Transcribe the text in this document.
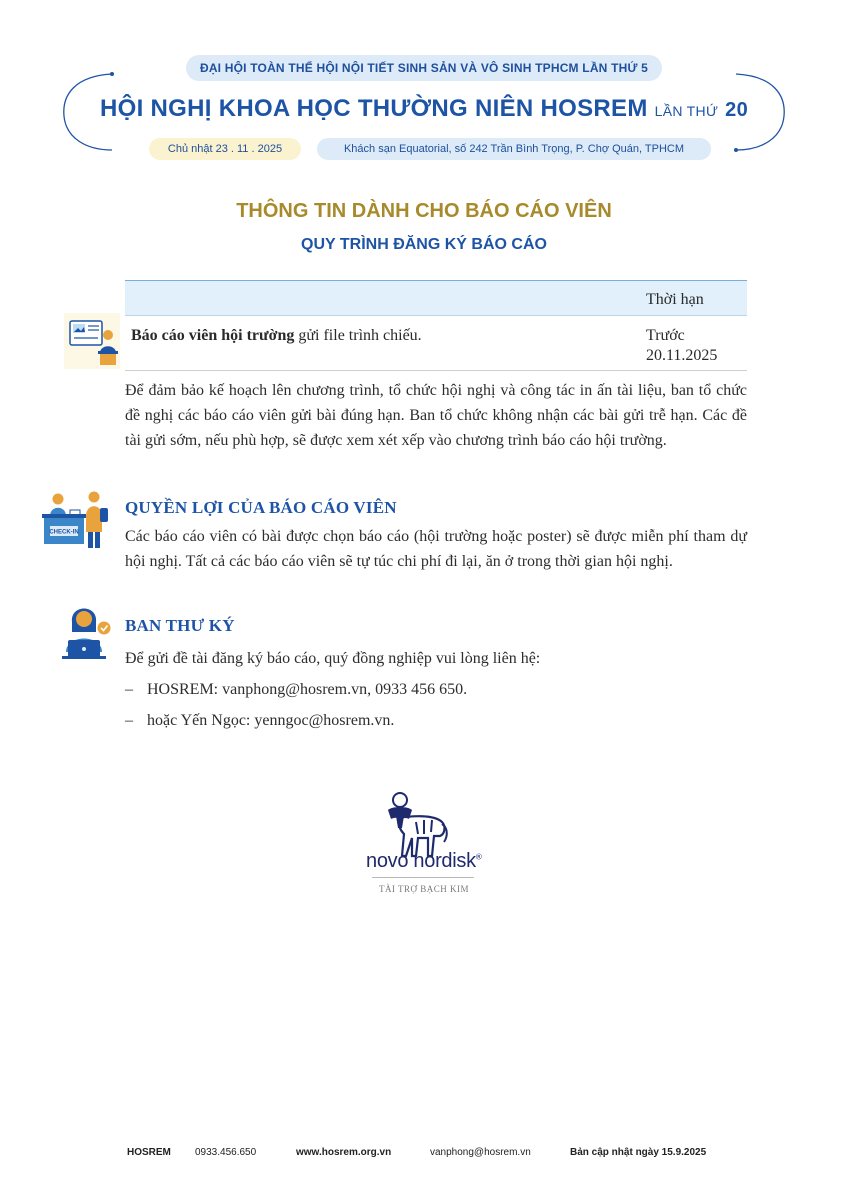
ĐẠI HỘI TOÀN THỂ HỘI NỘI TIẾT SINH SẢN VÀ VÔ SINH TPHCM LẦN THỨ 5
HỘI NGHỊ KHOA HỌC THƯỜNG NIÊN HOSREM LẦN THỨ 20
Chủ nhật 23 . 11 . 2025	Khách sạn Equatorial, số 242 Trần Bình Trọng, P. Chợ Quán, TPHCM
THÔNG TIN DÀNH CHO BÁO CÁO VIÊN
QUY TRÌNH ĐĂNG KÝ BÁO CÁO
Thời hạn
Báo cáo viên hội trường gửi file trình chiếu.	Trước
20.11.2025
Để đảm bảo kế hoạch lên chương trình, tổ chức hội nghị và công tác in ấn tài liệu, ban tổ chức đề nghị các báo cáo viên gửi bài đúng hạn. Ban tổ chức không nhận các bài gửi trễ hạn. Các đề tài gửi sớm, nếu phù hợp, sẽ được xem xét xếp vào chương trình báo cáo hội trường.
CHECK-IN
QUYỀN LỢI CỦA BÁO CÁO VIÊN
Các báo cáo viên có bài được chọn báo cáo (hội trường hoặc poster) sẽ được miễn phí tham dự hội nghị. Tất cả các báo cáo viên sẽ tự túc chi phí đi lại, ăn ở trong thời gian hội nghị.
BAN THƯ KÝ
Để gửi đề tài đăng ký báo cáo, quý đồng nghiệp vui lòng liên hệ:
– HOSREM: vanphong@hosrem.vn, 0933 456 650.
– hoặc Yến Ngọc: yenngoc@hosrem.vn.
novo nordisk®
TÀI TRỢ BẠCH KIM
HOSREM 0933.456.650	www.hosrem.org.vn	vanphong@hosrem.vn	Bản cập nhật ngày 15.9.2025
